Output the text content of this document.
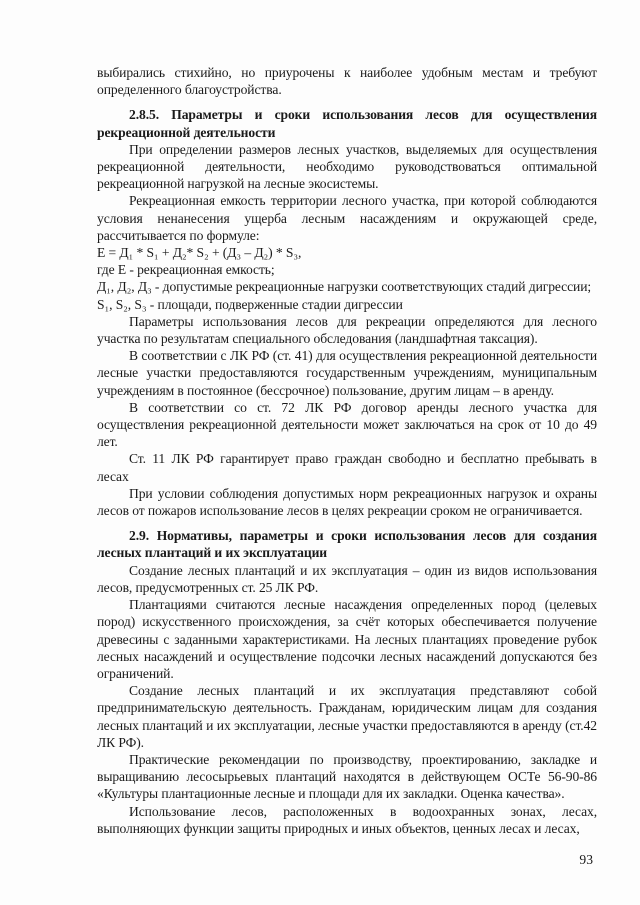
выбирались стихийно, но приурочены к наиболее удобным местам и требуют определенного благоустройства.

2.8.5. Параметры и сроки использования лесов для осуществления рекреационной деятельности

При определении размеров лесных участков, выделяемых для осуществления рекреационной деятельности, необходимо руководствоваться оптимальной рекреационной нагрузкой на лесные экосистемы.

Рекреационная емкость территории лесного участка, при которой соблюдаются условия ненанесения ущерба лесным насаждениям и окружающей среде, рассчитывается по формуле:

Е = Д₁ * S₁ + Д₂* S₂ + (Д₃ – Д₂) * S₃,

где Е - рекреационная емкость;

Д₁, Д₂, Д₃ - допустимые рекреационные нагрузки соответствующих стадий дигрессии;

S₁, S₂, S₃ - площади, подверженные стадии дигрессии

Параметры использования лесов для рекреации определяются для лесного участка по результатам специального обследования (ландшафтная таксация).

В соответствии с ЛК РФ (ст. 41) для осуществления рекреационной деятельности лесные участки предоставляются государственным учреждениям, муниципальным учреждениям в постоянное (бессрочное) пользование, другим лицам – в аренду.

В соответствии со ст. 72 ЛК РФ договор аренды лесного участка для осуществления рекреационной деятельности может заключаться на срок от 10 до 49 лет.

Ст. 11 ЛК РФ гарантирует право граждан свободно и бесплатно пребывать в лесах

При условии соблюдения допустимых норм рекреационных нагрузок и охраны лесов от пожаров использование лесов в целях рекреации сроком не ограничивается.

2.9. Нормативы, параметры и сроки использования лесов для создания лесных плантаций и их эксплуатации

Создание лесных плантаций и их эксплуатация – один из видов использования лесов, предусмотренных ст. 25 ЛК РФ.

Плантациями считаются лесные насаждения определенных пород (целевых пород) искусственного происхождения, за счёт которых обеспечивается получение древесины с заданными характеристиками. На лесных плантациях проведение рубок лесных насаждений и осуществление подсочки лесных насаждений допускаются без ограничений.

Создание лесных плантаций и их эксплуатация представляют собой предпринимательскую деятельность. Гражданам, юридическим лицам для создания лесных плантаций и их эксплуатации, лесные участки предоставляются в аренду (ст.42 ЛК РФ).

Практические рекомендации по производству, проектированию, закладке и выращиванию лесосырьевых плантаций находятся в действующем ОСТе 56-90-86 «Культуры плантационные лесные и площади для их закладки. Оценка качества».

Использование лесов, расположенных в водоохранных зонах, лесах, выполняющих функции защиты природных и иных объектов, ценных лесах и лесах,

93
